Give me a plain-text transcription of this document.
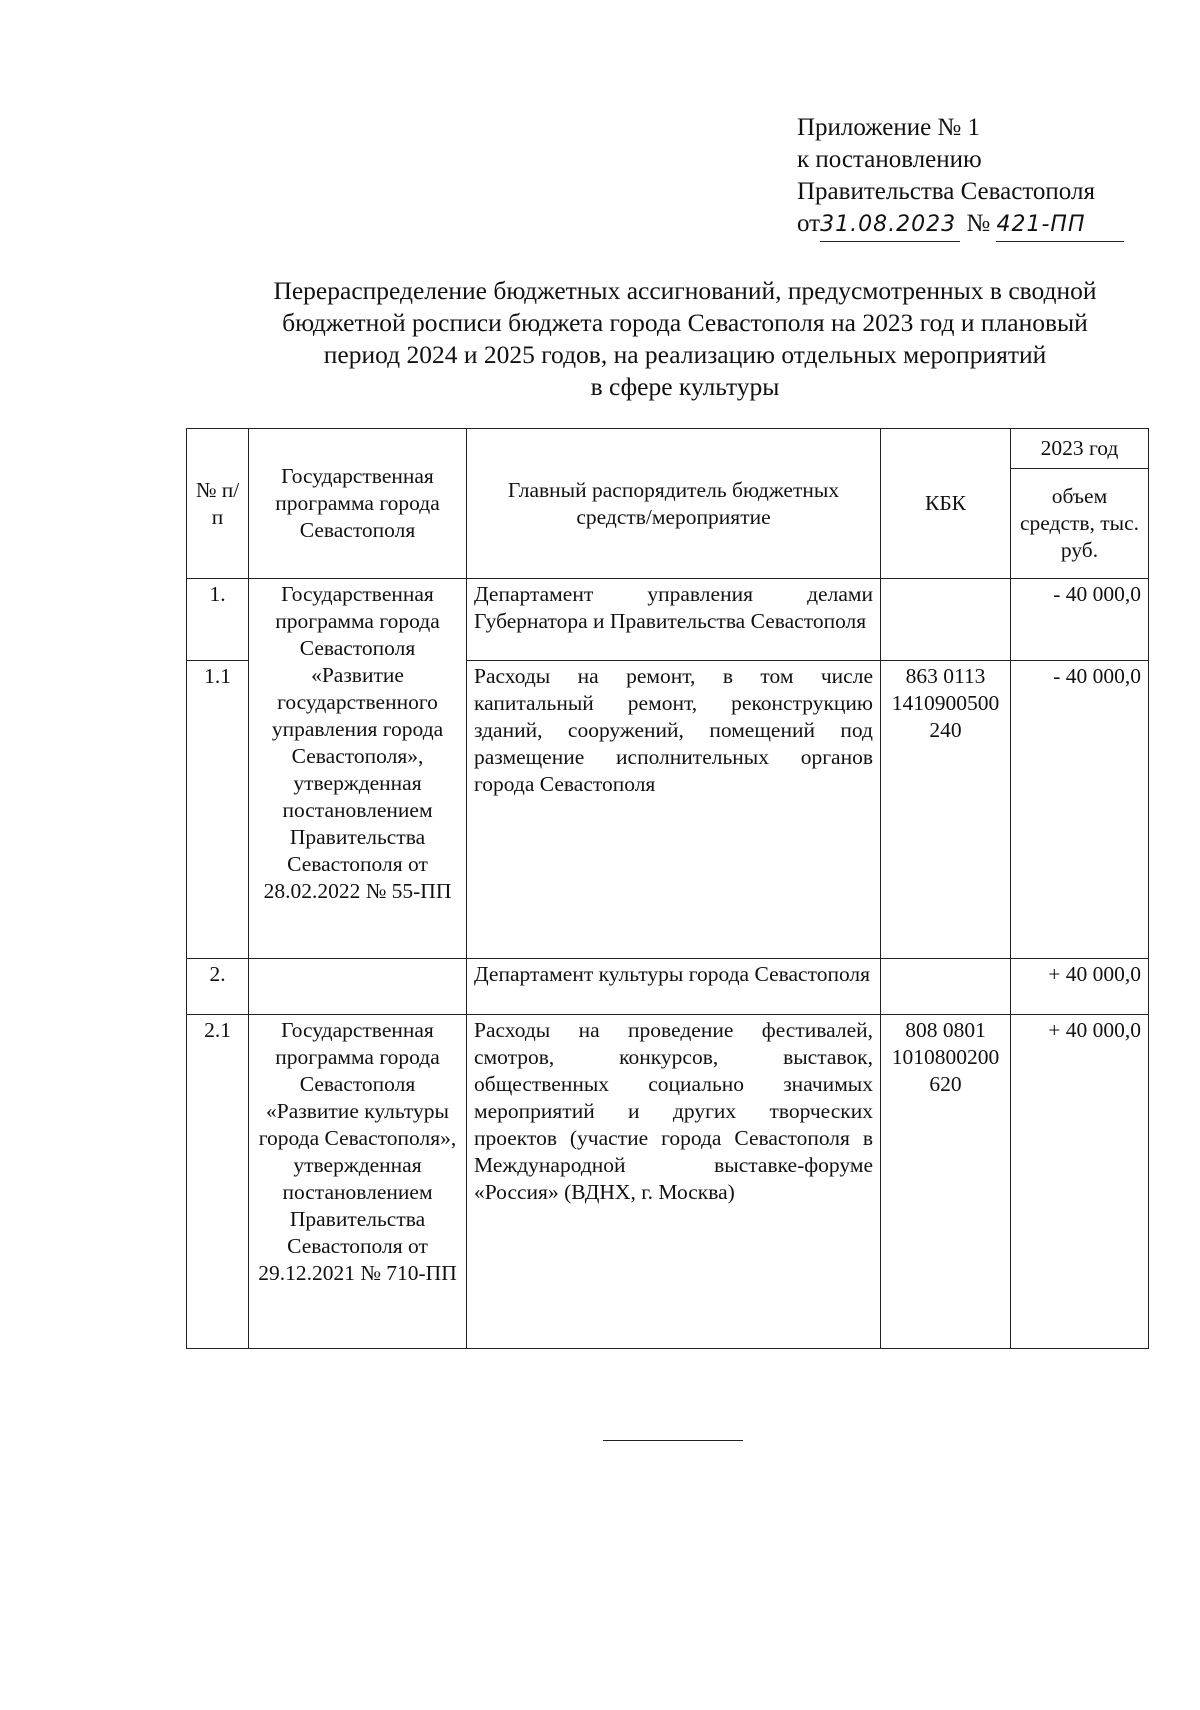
Приложение № 1
к постановлению
Правительства Севастополя
от31.08.2023 № 421-ПП
Перераспределение бюджетных ассигнований, предусмотренных в сводной
бюджетной росписи бюджета города Севастополя на 2023 год и плановый
период 2024 и 2025 годов, на реализацию отдельных мероприятий
в сфере культуры
№ п/п	Государственная программа города Севастополя	Главный распорядитель бюджетных средств/мероприятие	КБК	2023 год
				объем средств, тыс. руб.
1.	Государственная программа города Севастополя «Развитие государственного управления города Севастополя», утвержденная постановлением Правительства Севастополя от 28.02.2022 № 55-ПП	Департамент управления делами Губернатора и Правительства Севастополя		- 40 000,0
1.1		Расходы на ремонт, в том числе капитальный ремонт, реконструкцию зданий, сооружений, помещений под размещение исполнительных органов города Севастополя	863 0113 1410900500 240	- 40 000,0
2.		Департамент культуры города Севастополя		+ 40 000,0
2.1	Государственная программа города Севастополя «Развитие культуры города Севастополя», утвержденная постановлением Правительства Севастополя от 29.12.2021 № 710-ПП	Расходы на проведение фестивалей, смотров, конкурсов, выставок, общественных социально значимых мероприятий и других творческих проектов (участие города Севастополя в Международной выставке-форуме «Россия» (ВДНХ, г. Москва)	808 0801 1010800200 620	+ 40 000,0
